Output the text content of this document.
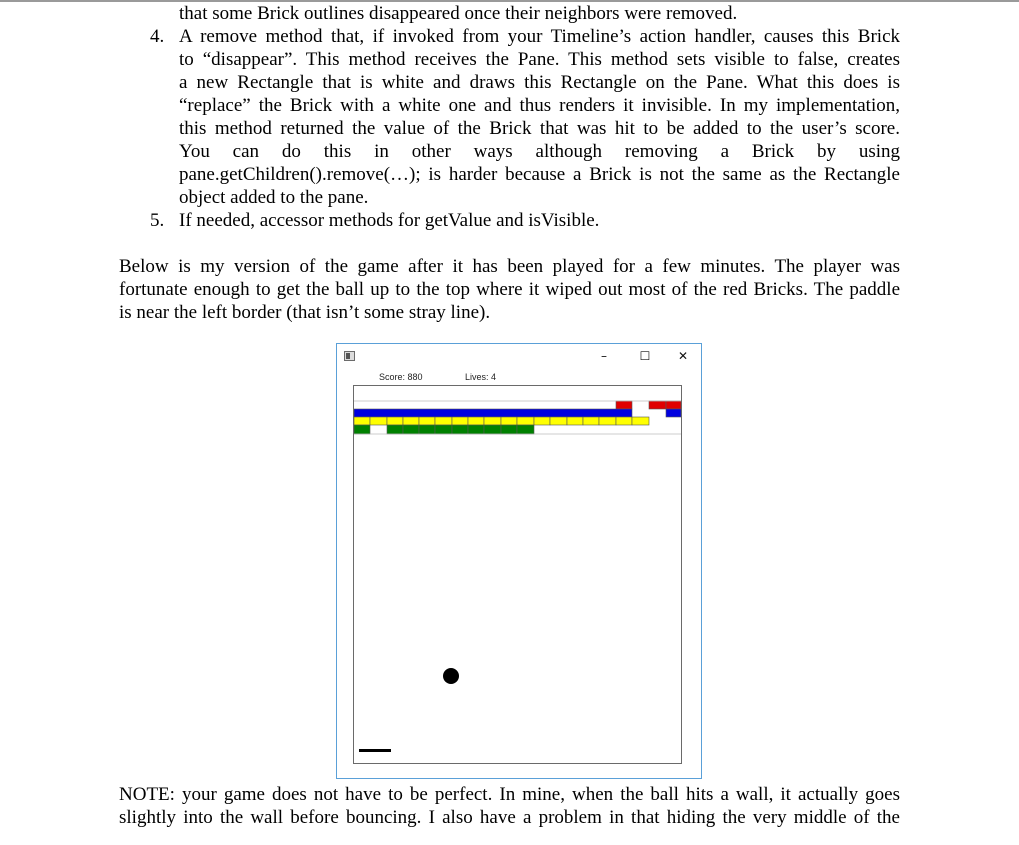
that some Brick outlines disappeared once their neighbors were removed.
4. A remove method that, if invoked from your Timeline’s action handler, causes this Brick
to “disappear”. This method receives the Pane. This method sets visible to false, creates
a new Rectangle that is white and draws this Rectangle on the Pane. What this does is
“replace” the Brick with a white one and thus renders it invisible. In my implementation,
this method returned the value of the Brick that was hit to be added to the user’s score.
You can do this in other ways although removing a Brick by using
pane.getChildren().remove(…); is harder because a Brick is not the same as the Rectangle
object added to the pane.
5. If needed, accessor methods for getValue and isVisible.
Below is my version of the game after it has been played for a few minutes. The player was
fortunate enough to get the ball up to the top where it wiped out most of the red Bricks. The paddle
is near the left border (that isn’t some stray line).
–	☐	✕
Score: 880	Lives: 4
NOTE: your game does not have to be perfect. In mine, when the ball hits a wall, it actually goes
slightly into the wall before bouncing. I also have a problem in that hiding the very middle of the
